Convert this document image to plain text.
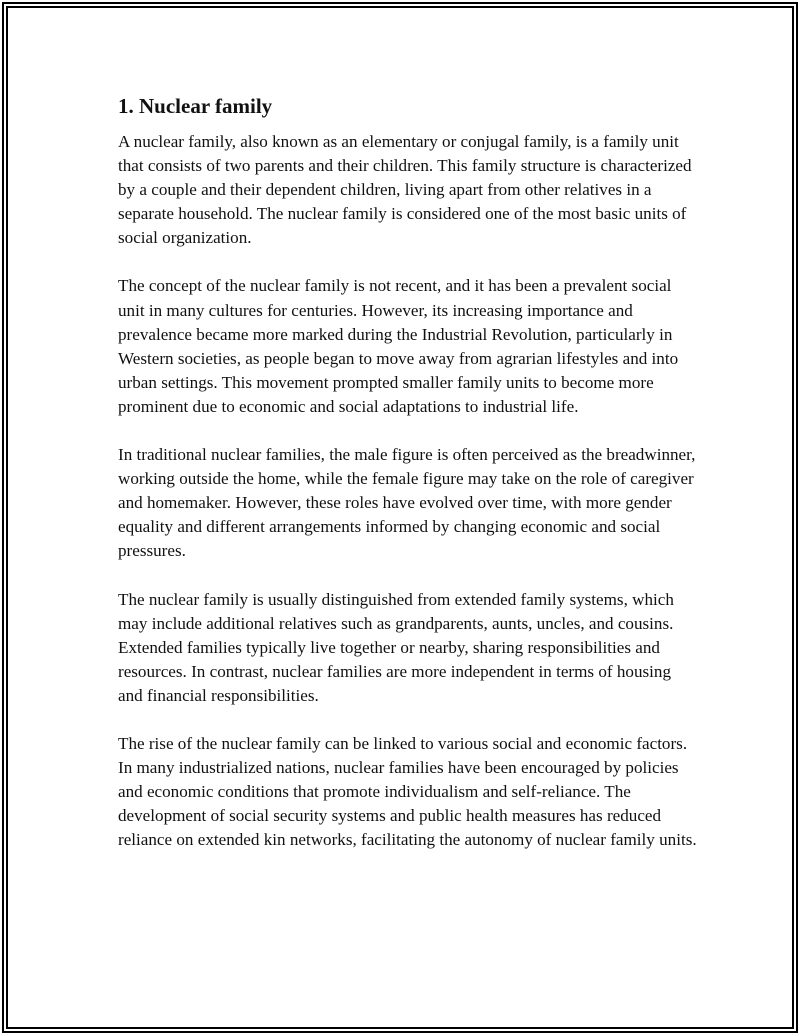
1. Nuclear family

A nuclear family, also known as an elementary or conjugal family, is a family unit that consists of two parents and their children. This family structure is characterized by a couple and their dependent children, living apart from other relatives in a separate household. The nuclear family is considered one of the most basic units of social organization.

The concept of the nuclear family is not recent, and it has been a prevalent social unit in many cultures for centuries. However, its increasing importance and prevalence became more marked during the Industrial Revolution, particularly in Western societies, as people began to move away from agrarian lifestyles and into urban settings. This movement prompted smaller family units to become more prominent due to economic and social adaptations to industrial life.

In traditional nuclear families, the male figure is often perceived as the breadwinner, working outside the home, while the female figure may take on the role of caregiver and homemaker. However, these roles have evolved over time, with more gender equality and different arrangements informed by changing economic and social pressures.

The nuclear family is usually distinguished from extended family systems, which may include additional relatives such as grandparents, aunts, uncles, and cousins. Extended families typically live together or nearby, sharing responsibilities and resources. In contrast, nuclear families are more independent in terms of housing and financial responsibilities.

The rise of the nuclear family can be linked to various social and economic factors. In many industrialized nations, nuclear families have been encouraged by policies and economic conditions that promote individualism and self-reliance. The development of social security systems and public health measures has reduced reliance on extended kin networks, facilitating the autonomy of nuclear family units.
